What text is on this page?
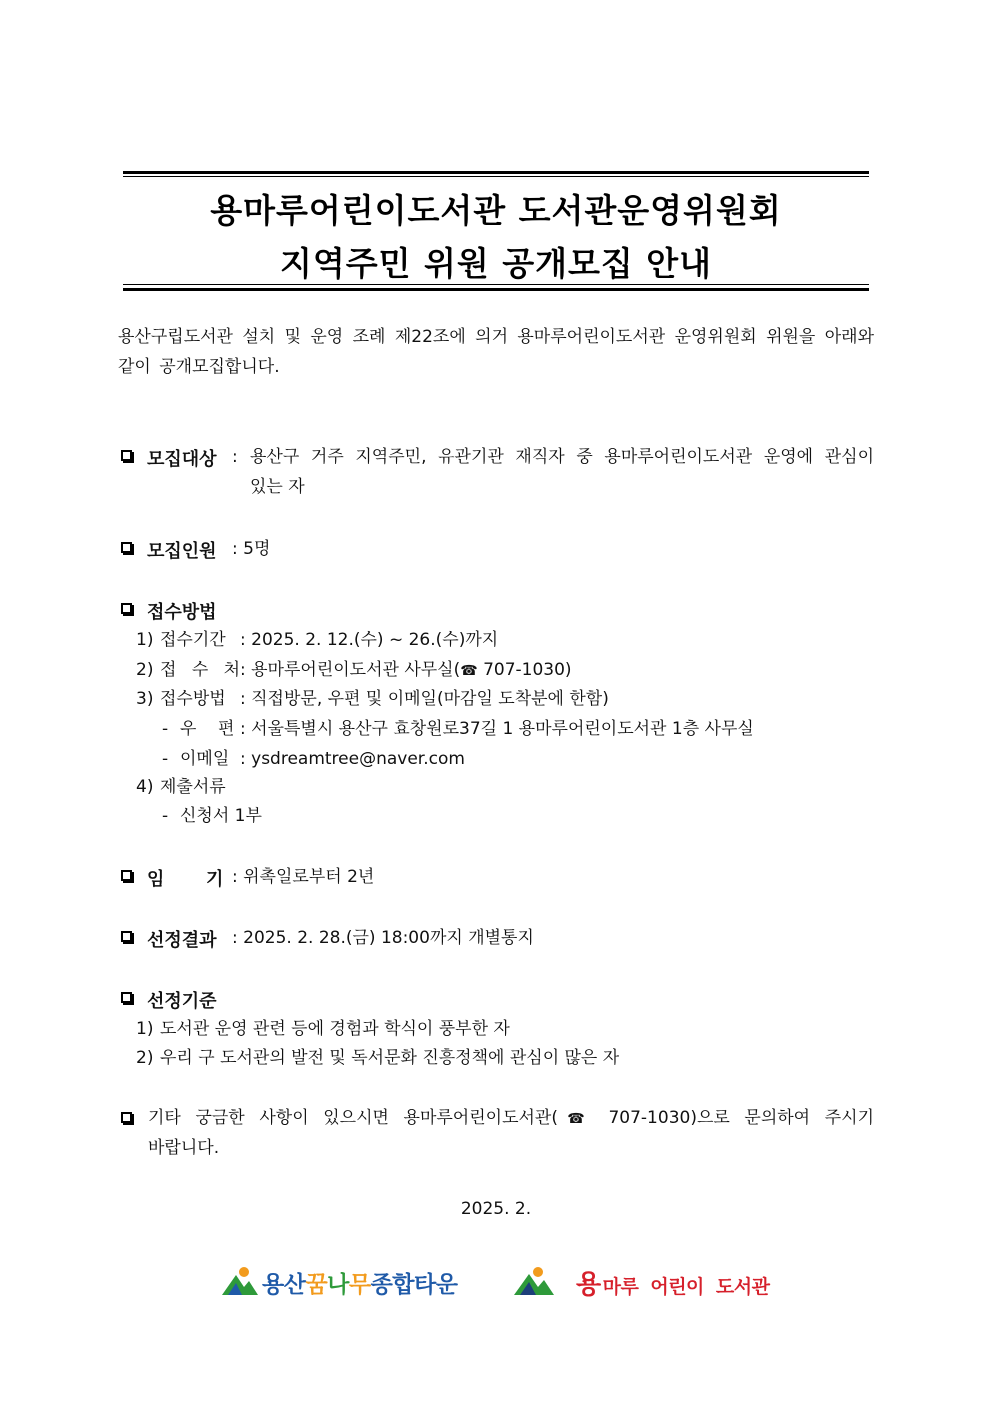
용마루어린이도서관 도서관운영위원회
지역주민 위원 공개모집 안내
용산구립도서관 설치 및 운영 조례 제22조에 의거 용마루어린이도서관 운영위원회 위원을 아래와 같이 공개모집합니다.
모집대상 : 용산구 거주 지역주민, 유관기관 재직자 중 용마루어린이도서관 운영에 관심이
있는 자
모집인원 : 5명
접수방법
1) 접수기간 : 2025. 2. 12.(수) ~ 26.(수)까지
2) 접 수 처
: 용마루어린이도서관 사무실(☎ 707-1030)
3) 접수방법 : 직접방문, 우편 및 이메일(마감일 도착분에 한함)
- 우    편 : 서울특별시 용산구 효창원로37길 1 용마루어린이도서관 1층 사무실
- 이메일 : ysdreamtree@naver.com
4) 제출서류
- 신청서 1부
임 기 : 위촉일로부터 2년
선정결과 : 2025. 2. 28.(금) 18:00까지 개별통지
선정기준
1) 도서관 운영 관련 등에 경험과 학식이 풍부한 자
2) 우리 구 도서관의 발전 및 독서문화 진흥정책에 관심이 많은 자
기타 궁금한 사항이 있으시면 용마루어린이도서관(☎ 707-1030)으로 문의하여 주시기
바랍니다.
2025. 2.
용산꿈나무종합타운	용 마루 어린이 도서관
